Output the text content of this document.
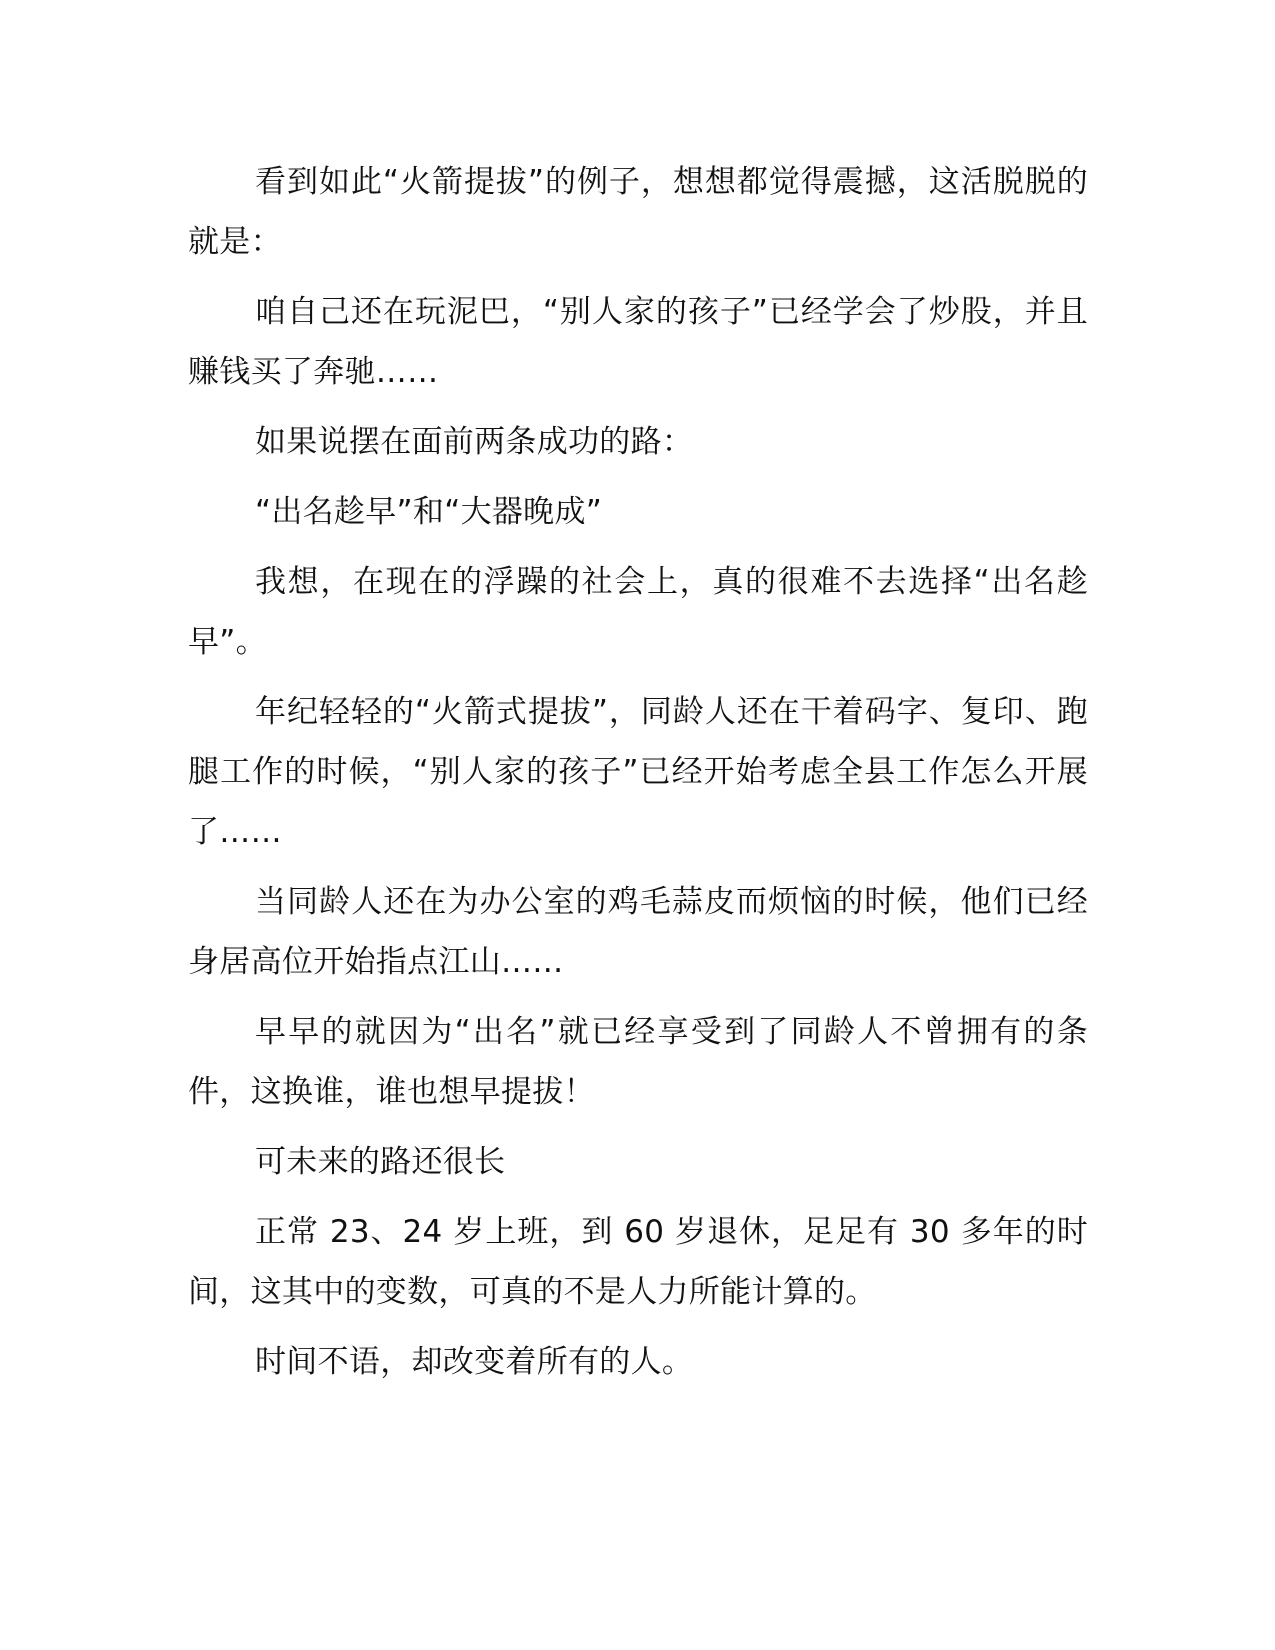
看到如此“火箭提拔”的例子，想想都觉得震撼，这活脱脱的就是：

咱自己还在玩泥巴，“别人家的孩子”已经学会了炒股，并且赚钱买了奔驰……

如果说摆在面前两条成功的路：

“出名趁早”和“大器晚成”

我想，在现在的浮躁的社会上，真的很难不去选择“出名趁早”。

年纪轻轻的“火箭式提拔”，同龄人还在干着码字、复印、跑腿工作的时候，“别人家的孩子”已经开始考虑全县工作怎么开展了……

当同龄人还在为办公室的鸡毛蒜皮而烦恼的时候，他们已经身居高位开始指点江山……

早早的就因为“出名”就已经享受到了同龄人不曾拥有的条件，这换谁，谁也想早提拔！

可未来的路还很长

正常 23、24 岁上班，到 60 岁退休，足足有 30 多年的时间，这其中的变数，可真的不是人力所能计算的。

时间不语，却改变着所有的人。
